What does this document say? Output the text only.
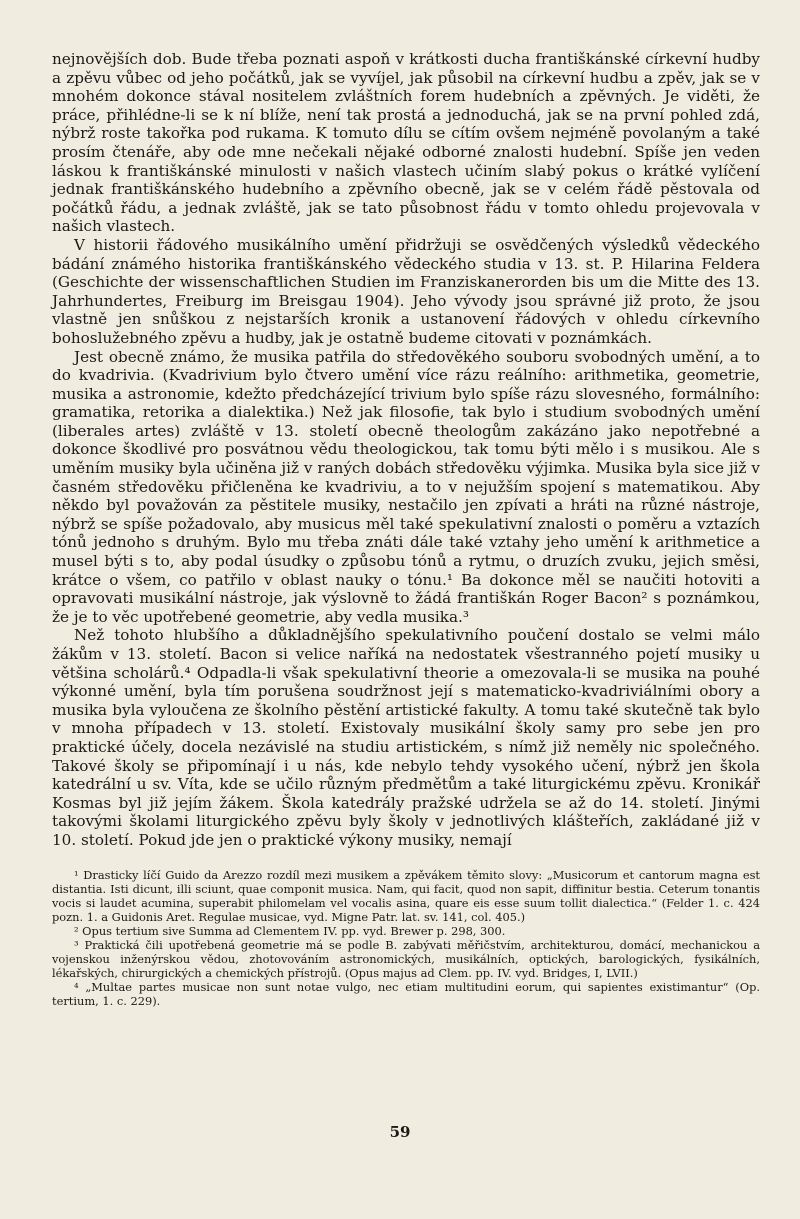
nejnovějších dob. Bude třeba poznati aspoň v krátkosti ducha františkánské církevní hudby a zpěvu vůbec od jeho počátků, jak se vyvíjel, jak působil na církevní hudbu a zpěv, jak se v mnohém dokonce stával nositelem zvláštních forem hudebních a zpěvných. Je viděti, že práce, přihlédne-li se k ní blíže, není tak prostá a jednoduchá, jak se na první pohled zdá, nýbrž roste takořka pod rukama. K tomuto dílu se cítím ovšem nejméně povolaným a také prosím čtenáře, aby ode mne nečekali nějaké odborné znalosti hudební. Spíše jen veden láskou k františkánské minulosti v našich vlastech učiním slabý pokus o krátké vylíčení jednak františkánského hudebního a zpěvního obecně, jak se v celém řádě pěstovala od počátků řádu, a jednak zvláště, jak se tato působnost řádu v tomto ohledu projevovala v našich vlastech.

V historii řádového musikálního umění přidržuji se osvědčených výsledků vědeckého bádání známého historika františkánského vědeckého studia v 13. st. P. Hilarina Feldera (Geschichte der wissenschaftlichen Studien im Franziskanerorden bis um die Mitte des 13. Jahrhundertes, Freiburg im Breisgau 1904). Jeho vývody jsou správné již proto, že jsou vlastně jen snůškou z nejstarších kronik a ustanovení řádových v ohledu církevního bohoslužebného zpěvu a hudby, jak je ostatně budeme citovati v poznámkách.

Jest obecně známo, že musika patřila do středověkého souboru svobodných umění, a to do kvadrivia. (Kvadrivium bylo čtvero umění více rázu reálního: arithmetika, geometrie, musika a astronomie, kdežto předcházející trivium bylo spíše rázu slovesného, formálního: gramatika, retorika a dialektika.) Než jak filosofie, tak bylo i studium svobodných umění (liberales artes) zvláště v 13. století obecně theologům zakázáno jako nepotřebné a dokonce škodlivé pro posvátnou vědu theologickou, tak tomu býti mělo i s musikou. Ale s uměním musiky byla učiněna již v raných dobách středověku výjimka. Musika byla sice již v časném středověku přičleněna ke kvadriviu, a to v nejužším spojení s matematikou. Aby někdo byl považován za pěstitele musiky, nestačilo jen zpívati a hráti na různé nástroje, nýbrž se spíše požadovalo, aby musicus měl také spekulativní znalosti o poměru a vztazích tónů jednoho s druhým. Bylo mu třeba znáti dále také vztahy jeho umění k arithmetice a musel býti s to, aby podal úsudky o způsobu tónů a rytmu, o druzích zvuku, jejich směsi, krátce o všem, co patřilo v oblast nauky o tónu.¹ Ba dokonce měl se naučiti hotoviti a opravovati musikální nástroje, jak výslovně to žádá františkán Roger Bacon² s poznámkou, že je to věc upotřebené geometrie, aby vedla musika.³

Než tohoto hlubšího a důkladnějšího spekulativního poučení dostalo se velmi málo žákům v 13. století. Bacon si velice naříká na nedostatek všestranného pojetí musiky u většina scholárů.⁴ Odpadla-li však spekulativní theorie a omezovala-li se musika na pouhé výkonné umění, byla tím porušena soudržnost její s matematicko-kvadriviálními obory a musika byla vyloučena ze školního pěstění artistické fakulty. A tomu také skutečně tak bylo v mnoha případech v 13. století. Existovaly musikální školy samy pro sebe jen pro praktické účely, docela nezávislé na studiu artistickém, s nímž již neměly nic společného. Takové školy se připomínají i u nás, kde nebylo tehdy vysokého učení, nýbrž jen škola katedrální u sv. Víta, kde se učilo různým předmětům a také liturgickému zpěvu. Kronikář Kosmas byl již jejím žákem. Škola katedrály pražské udržela se až do 14. století. Jinými takovými školami liturgického zpěvu byly školy v jednotlivých klášteřích, zakládané již v 10. století. Pokud jde jen o praktické výkony musiky, nemají

¹ Drasticky líčí Guido da Arezzo rozdíl mezi musikem a zpěvákem těmito slovy: „Musicorum et cantorum magna est distantia. Isti dicunt, illi sciunt, quae componit musica. Nam, qui facit, quod non sapit, diffinitur bestia. Ceterum tonantis vocis si laudet acumina, superabit philomelam vel vocalis asina, quare eis esse suum tollit dialectica.“ (Felder 1. c. 424 pozn. 1. a Guidonis Aret. Regulae musicae, vyd. Migne Patr. lat. sv. 141, col. 405.)

² Opus tertium sive Summa ad Clementem IV. pp. vyd. Brewer p. 298, 300.

³ Praktická čili upotřebená geometrie má se podle B. zabývati měřičstvím, architekturou, domácí, mechanickou a vojenskou inženýrskou vědou, zhotovováním astronomických, musikálních, optických, barologických, fysikálních, lékařských, chirurgických a chemických přístrojů. (Opus majus ad Clem. pp. IV. vyd. Bridges, I, LVII.)

⁴ „Multae partes musicae non sunt notae vulgo, nec etiam multitudini eorum, qui sapientes existimantur“ (Op. tertium, 1. c. 229).

59
